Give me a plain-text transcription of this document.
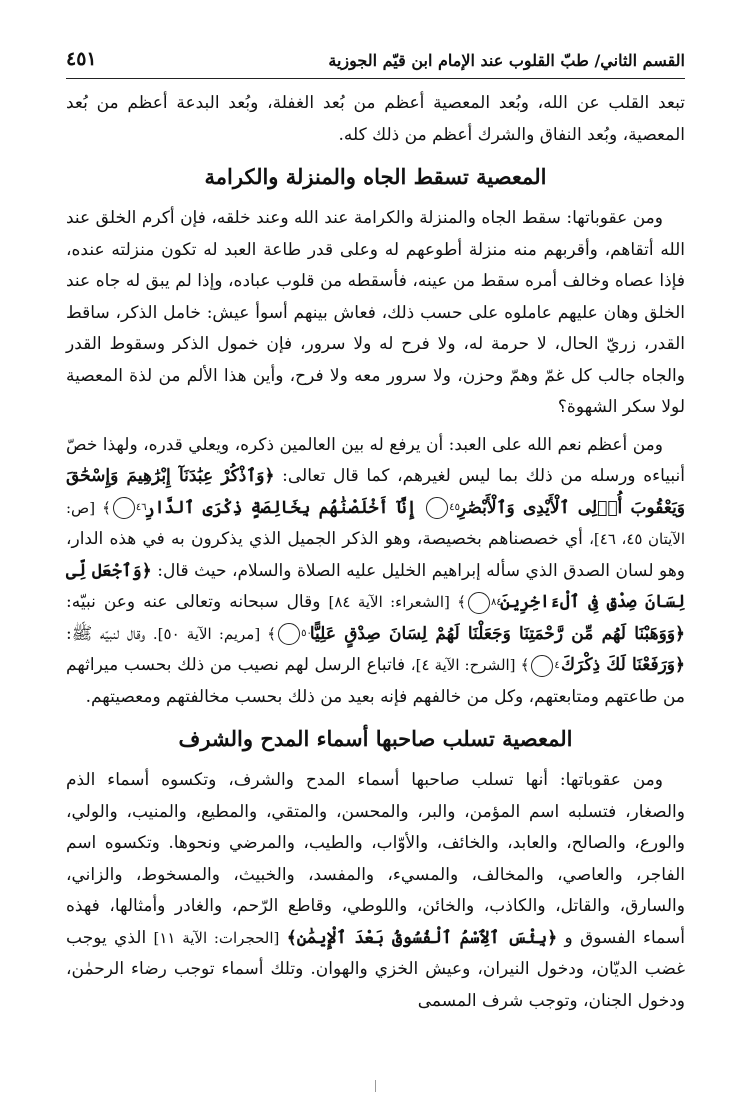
القسم الثاني/ طبّ القلوب عند الإمام ابن قيّم الجوزية
٤٥١

تبعد القلب عن الله، وبُعد المعصية أعظم من بُعد الغفلة، وبُعد البدعة أعظم من بُعد المعصية، وبُعد النفاق والشرك أعظم من ذلك كله.

المعصية تسقط الجاه والمنزلة والكرامة

ومن عقوباتها: سقط الجاه والمنزلة والكرامة عند الله وعند خلقه، فإن أكرم الخلق عند الله أتقاهم، وأقربهم منه منزلة أطوعهم له وعلى قدر طاعة العبد له تكون منزلته عنده، فإذا عصاه وخالف أمره سقط من عينه، فأسقطه من قلوب عباده، وإذا لم يبق له جاه عند الخلق وهان عليهم عاملوه على حسب ذلك، فعاش بينهم أسوأ عيش: خامل الذكر، ساقط القدر، زريّ الحال، لا حرمة له، ولا فرح له ولا سرور، فإن خمول الذكر وسقوط القدر والجاه جالب كل غمّ وهمّ وحزن، ولا سرور معه ولا فرح، وأين هذا الألم من لذة المعصية لولا سكر الشهوة؟

ومن أعظم نعم الله على العبد: أن يرفع له بين العالمين ذكره، ويعلي قدره، ولهذا خصّ أنبياءه ورسله من ذلك بما ليس لغيرهم، كما قال تعالى: ﴿وَٱذْكُرْ عِبَٰدَنَآ إِبْرَٰهِيمَ وَإِسْحَٰقَ وَيَعْقُوبَ أُو۟لِى ٱلْأَيْدِى وَٱلْأَبْصَٰرِ ٤٥ إِنَّآ أَخْلَصْنَٰهُم بِخَالِصَةٍ ذِكْرَى ٱلدَّارِ ٤٦﴾ [ص: الآيتان ٤٥، ٤٦]، أي خصصناهم بخصيصة، وهو الذكر الجميل الذي يذكرون به في هذه الدار، وهو لسان الصدق الذي سأله إبراهيم الخليل عليه الصلاة والسلام، حيث قال: ﴿وَٱجْعَل لِّى لِسَانَ صِدْقٍ فِى ٱلْءَاخِرِينَ ٨٤﴾ [الشعراء: الآية ٨٤] وقال سبحانه وتعالى عنه وعن نبيّه: ﴿وَوَهَبْنَا لَهُم مِّن رَّحْمَتِنَا وَجَعَلْنَا لَهُمْ لِسَانَ صِدْقٍ عَلِيًّا ٥٠﴾ [مريم: الآية ٥٠]. وقال لنبيّه ﷺ: ﴿وَرَفَعْنَا لَكَ ذِكْرَكَ ٤﴾ [الشرح: الآية ٤]، فاتباع الرسل لهم نصيب من ذلك بحسب ميراثهم من طاعتهم ومتابعتهم، وكل من خالفهم فإنه بعيد من ذلك بحسب مخالفتهم ومعصيتهم.

المعصية تسلب صاحبها أسماء المدح والشرف

ومن عقوباتها: أنها تسلب صاحبها أسماء المدح والشرف، وتكسوه أسماء الذم والصغار، فتسلبه اسم المؤمن، والبر، والمحسن، والمتقي، والمطيع، والمنيب، والولي، والورع، والصالح، والعابد، والخائف، والأوّاب، والطيب، والمرضي ونحوها. وتكسوه اسم الفاجر، والعاصي، والمخالف، والمسيء، والمفسد، والخبيث، والمسخوط، والزاني، والسارق، والقاتل، والكاذب، والخائن، واللوطي، وقاطع الرّحم، والغادر وأمثالها، فهذه أسماء الفسوق و ﴿بِئْسَ ٱلِٱسْمُ ٱلْفُسُوقُ بَعْدَ ٱلْإِيمَٰنِ﴾ [الحجرات: الآية ١١] الذي يوجب غضب الديّان، ودخول النيران، وعيش الخزي والهوان. وتلك أسماء توجب رضاء الرحمٰن، ودخول الجنان، وتوجب شرف المسمى
